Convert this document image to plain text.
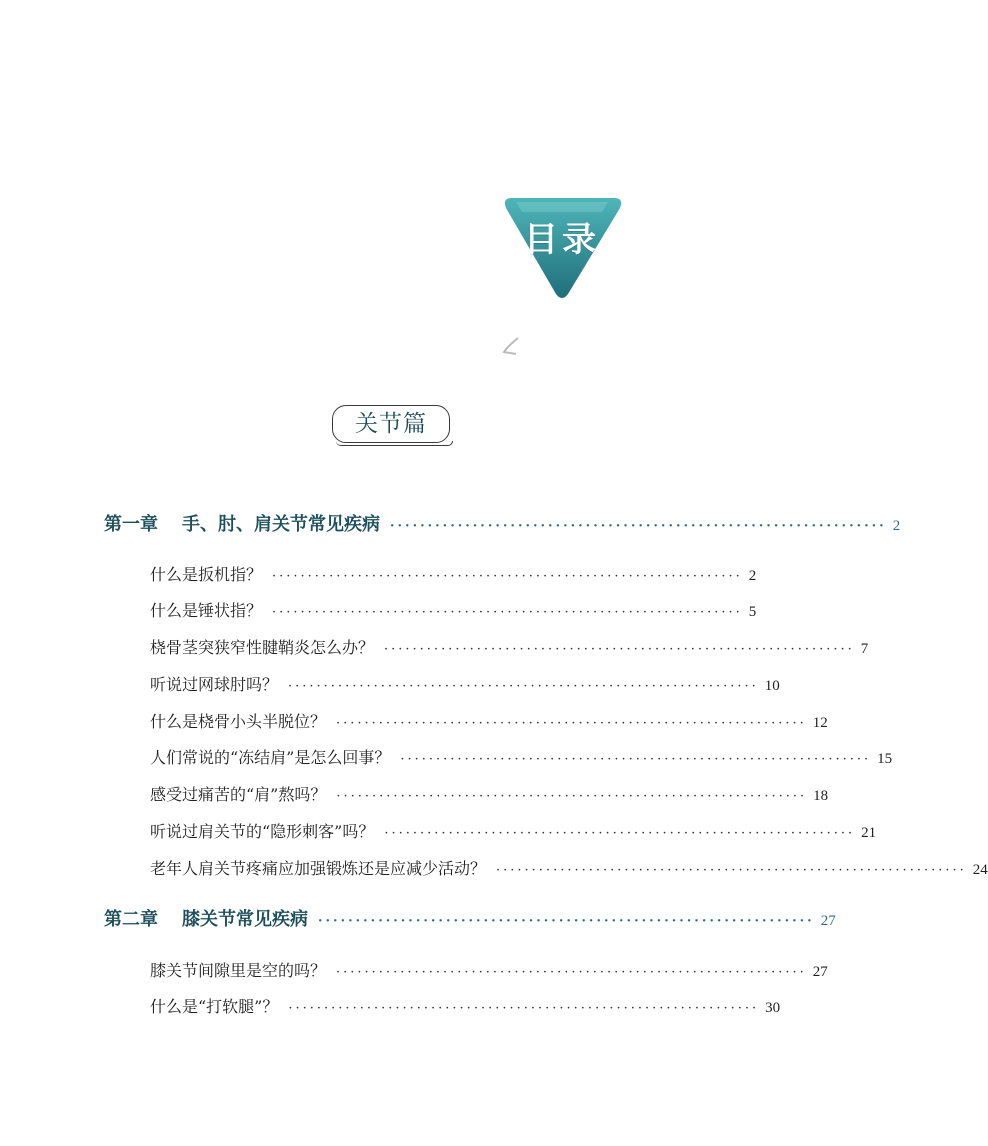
目录
关节篇
第一章 手、肘、肩关节常见疾病 ·································································· 2
什么是扳机指？ ·································································· 2
什么是锤状指？ ·································································· 5
桡骨茎突狭窄性腱鞘炎怎么办？ ·································································· 7
听说过网球肘吗？ ·································································· 10
什么是桡骨小头半脱位？ ·································································· 12
人们常说的“冻结肩”是怎么回事？ ·································································· 15
感受过痛苦的“肩”熬吗？ ·································································· 18
听说过肩关节的“隐形刺客”吗？ ·································································· 21
老年人肩关节疼痛应加强锻炼还是应减少活动？ ·································································· 24
第二章 膝关节常见疾病 ·································································· 27
膝关节间隙里是空的吗？ ·································································· 27
什么是“打软腿”？ ·································································· 30
